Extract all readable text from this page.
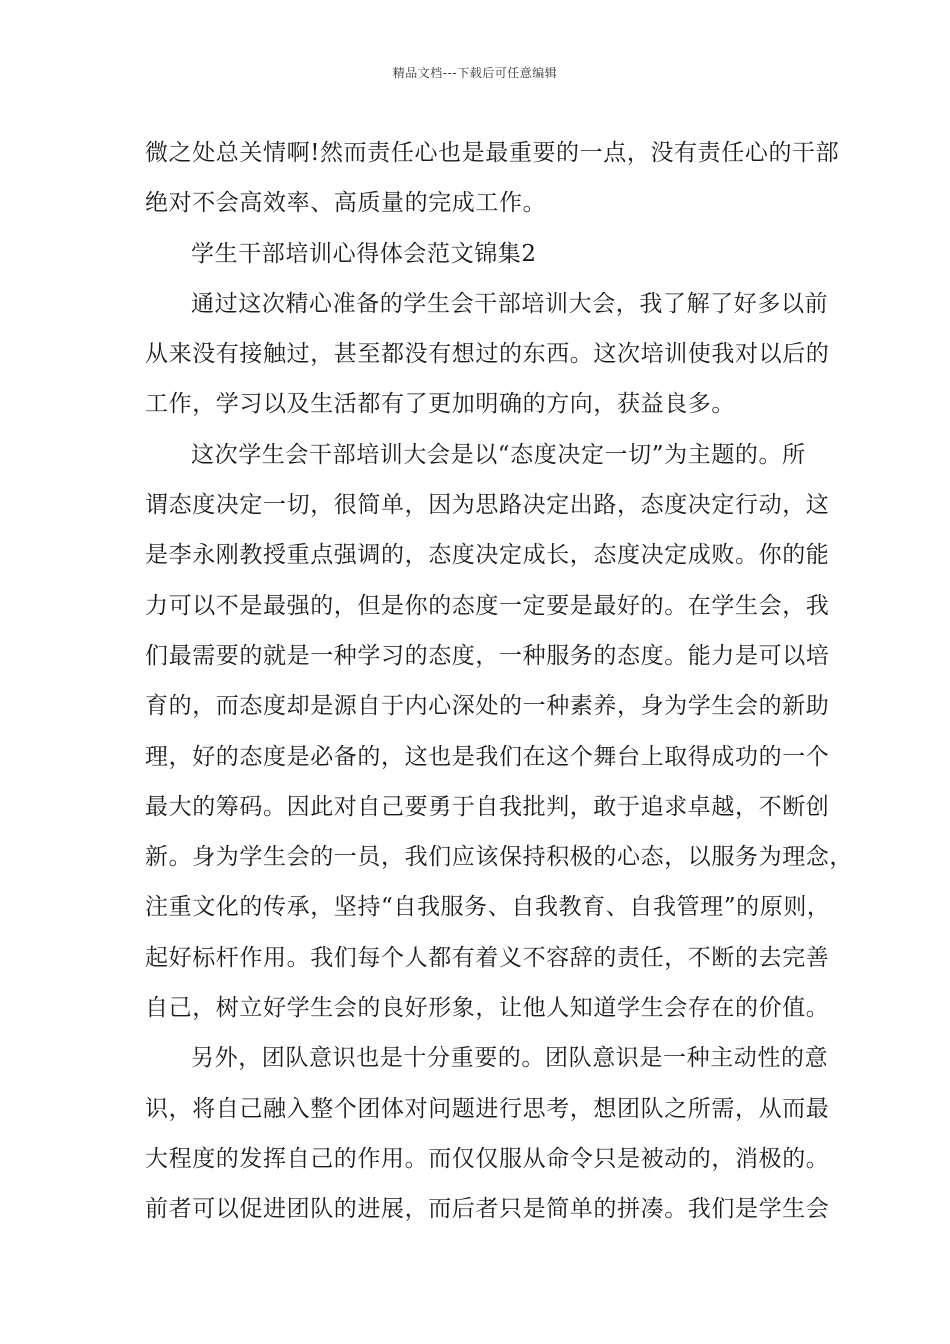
精品文档---下载后可任意编辑
微之处总关情啊!然而责任心也是最重要的一点，没有责任心的干部
绝对不会高效率、高质量的完成工作。
学生干部培训心得体会范文锦集2
通过这次精心准备的学生会干部培训大会，我了解了好多以前
从来没有接触过，甚至都没有想过的东西。这次培训使我对以后的
工作，学习以及生活都有了更加明确的方向，获益良多。
这次学生会干部培训大会是以“态度决定一切”为主题的。所
谓态度决定一切，很简单，因为思路决定出路，态度决定行动，这
是李永刚教授重点强调的，态度决定成长，态度决定成败。你的能
力可以不是最强的，但是你的态度一定要是最好的。在学生会，我
们最需要的就是一种学习的态度，一种服务的态度。能力是可以培
育的，而态度却是源自于内心深处的一种素养，身为学生会的新助
理，好的态度是必备的，这也是我们在这个舞台上取得成功的一个
最大的筹码。因此对自己要勇于自我批判，敢于追求卓越，不断创
新。身为学生会的一员，我们应该保持积极的心态，以服务为理念，
注重文化的传承，坚持“自我服务、自我教育、自我管理”的原则，
起好标杆作用。我们每个人都有着义不容辞的责任，不断的去完善
自己，树立好学生会的良好形象，让他人知道学生会存在的价值。
另外，团队意识也是十分重要的。团队意识是一种主动性的意
识，将自己融入整个团体对问题进行思考，想团队之所需，从而最
大程度的发挥自己的作用。而仅仅服从命令只是被动的，消极的。
前者可以促进团队的进展，而后者只是简单的拼凑。我们是学生会
